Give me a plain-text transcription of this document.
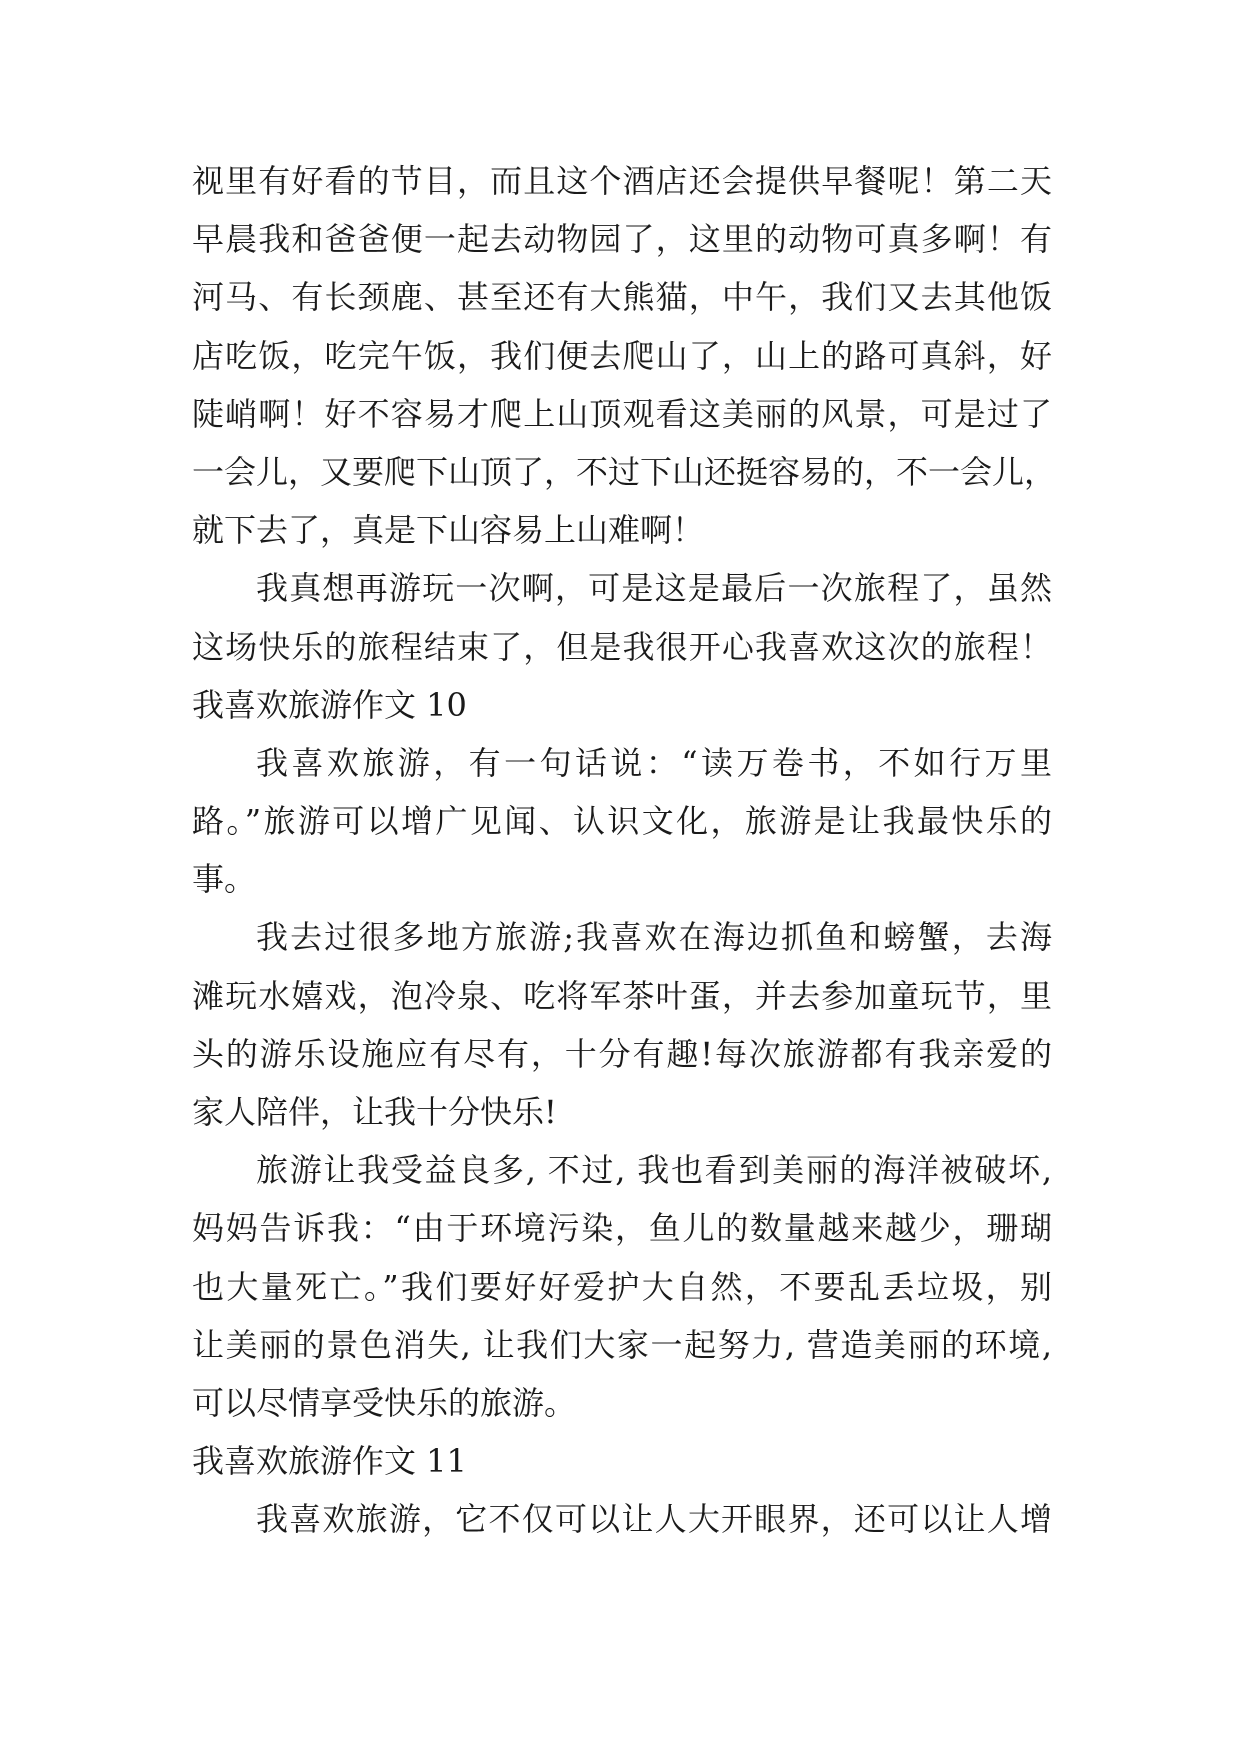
视里有好看的节目，而且这个酒店还会提供早餐呢！第二天
早晨我和爸爸便一起去动物园了，这里的动物可真多啊！有
河马、有长颈鹿、甚至还有大熊猫，中午，我们又去其他饭
店吃饭，吃完午饭，我们便去爬山了，山上的路可真斜，好
陡峭啊！好不容易才爬上山顶观看这美丽的风景，可是过了
一会儿，又要爬下山顶了，不过下山还挺容易的，不一会儿，
就下去了，真是下山容易上山难啊！
我真想再游玩一次啊，可是这是最后一次旅程了，虽然
这场快乐的旅程结束了，但是我很开心我喜欢这次的旅程！
我喜欢旅游作文 10
我喜欢旅游，有一句话说：“读万卷书，不如行万里
路。”旅游可以增广见闻、认识文化，旅游是让我最快乐的
事。
我去过很多地方旅游;我喜欢在海边抓鱼和螃蟹，去海
滩玩水嬉戏，泡冷泉、吃将军茶叶蛋，并去参加童玩节，里
头的游乐设施应有尽有，十分有趣!每次旅游都有我亲爱的
家人陪伴，让我十分快乐!
旅游让我受益良多, 不过, 我也看到美丽的海洋被破坏,
妈妈告诉我：“由于环境污染，鱼儿的数量越来越少，珊瑚
也大量死亡。”我们要好好爱护大自然，不要乱丢垃圾，别
让美丽的景色消失, 让我们大家一起努力, 营造美丽的环境,
可以尽情享受快乐的旅游。
我喜欢旅游作文 11
我喜欢旅游，它不仅可以让人大开眼界，还可以让人增
